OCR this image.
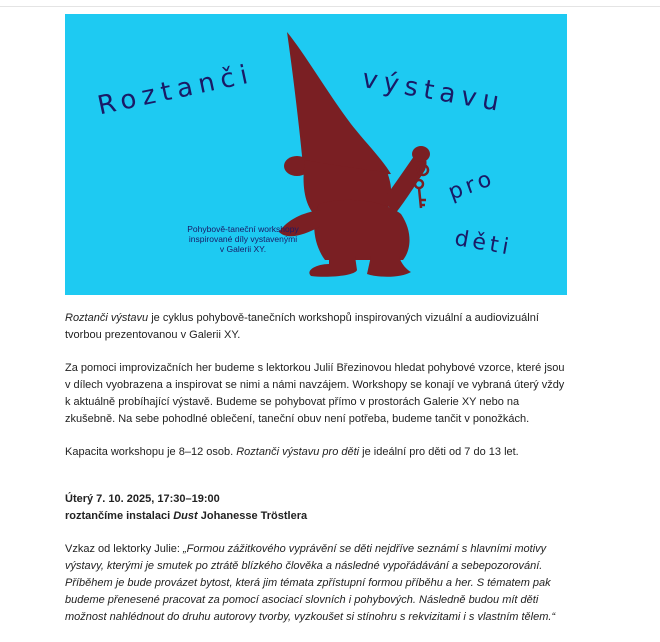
Roztanči	výstavu
pro
děti
Pohybově-taneční workshopy
inspirované díly vystavenými
v Galerii XY.

Roztanči výstavu je cyklus pohybově-tanečních workshopů inspirovaných vizuální a audiovizuální tvorbou prezentovanou v Galerii XY.

Za pomoci improvizačních her budeme s lektorkou Julií Březinovou hledat pohybové vzorce, které jsou v dílech vyobrazena a inspirovat se nimi a námi navzájem. Workshopy se konají ve vybraná úterý vždy k aktuálně probíhající výstavě. Budeme se pohybovat přímo v prostorách Galerie XY nebo na zkušebně. Na sebe pohodlné oblečení, taneční obuv není potřeba, budeme tančit v ponožkách.

Kapacita workshopu je 8–12 osob. Roztanči výstavu pro děti je ideální pro děti od 7 do 13 let.

Úterý 7. 10. 2025, 17:30–19:00

roztančíme instalaci Dust Johanesse Tröstlera

Vzkaz od lektorky Julie: „Formou zážitkového vyprávění se děti nejdříve seznámí s hlavními motivy výstavy, kterými je smutek po ztrátě blízkého člověka a následné vypořádávání a sebepozorování. Příběhem je bude provázet bytost, která jim témata zpřístupní formou příběhu a her. S tématem pak budeme přenesené pracovat za pomocí asociací slovních i pohybových. Následně budou mít děti možnost nahlédnout do druhu autorovy tvorby, vyzkoušet si stínohru s rekvizitami i s vlastním tělem.“
